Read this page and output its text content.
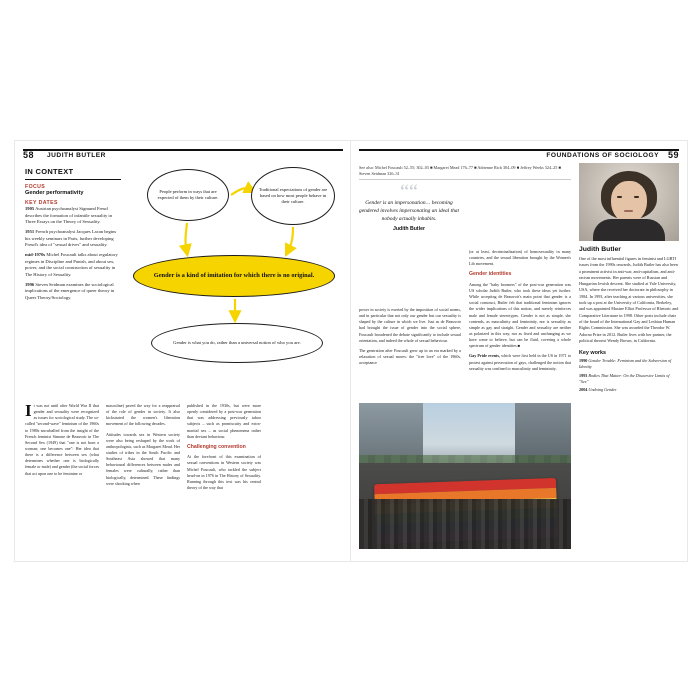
58 JUDITH BUTLER
IN CONTEXT
FOCUS
Gender performativity
KEY DATES
1905 Austrian psychoanalyst Sigmund Freud describes the formation of infantile sexuality in Three Essays on the Theory of Sexuality.
1951 French psychoanalyst Jacques Lacan begins his weekly seminars in Paris, further developing Freud's idea of "sexual drives" and sexuality.
mid-1970s Michel Foucault talks about regulatory regimes in Discipline and Punish, and about sex, power, and the social construction of sexuality in The History of Sexuality.
1996 Steven Seidman examines the sociological implications of the emergence of queer theory in Queer Theory/Sociology.
People perform in ways that are expected of them by their culture.
Traditional expectations of gender are based on how most people behave in their culture.
Gender is a kind of imitation for which there is no original.
Gender is what you do, rather than a universal notion of who you are.

It was not until after World War II that gender and sexuality were recognized as issues for sociological study. The so-called "second-wave" feminism of the 1960s to 1980s snowballed from the insight of the French feminist Simone de Beauvoir in The Second Sex (1949) that "one is not born a woman; one becomes one": Her idea that there is a difference between sex (what determines whether one is biologically female or male) and gender (the social forces that act upon one to be feminine or

masculine) paved the way for a reappraisal of the role of gender in society. It also kickstarted the women's liberation movement of the following decades.

Attitudes towards sex in Western society were also being reshaped by the work of anthropologists, such as Margaret Mead. Her studies of tribes in the South Pacific and Southeast Asia showed that many behavioural differences between males and females were culturally, rather than biologically, determined. These findings were shocking when

published in the 1930s, but were more openly considered by a post-war generation that was addressing previously taboo subjects – such as promiscuity and extra-marital sex – as social phenomena rather than deviant behaviour.

Challenging convention

At the forefront of this examination of sexual conventions in Western society was Michel Foucault, who tackled the subject head-on in 1976 in The History of Sexuality. Running through this text was his central theory of the way that

FOUNDATIONS OF SOCIOLOGY 59
See also: Michel Foucault 52–55; 302–03 ■ Margaret Mead 176–77 ■ Adrienne Rich 304–09 ■ Jeffrey Weeks 324–25 ■ Steven Seidman 326–31
““
Gender is an impersonation… becoming gendered involves impersonating an ideal that nobody actually inhabits.
Judith Butler

power in society is exerted by the imposition of social norms, and in particular that not only our gender but our sexuality is shaped by the culture in which we live. Just as de Beauvoir had brought the issue of gender into the social sphere, Foucault broadened the debate significantly to include sexual orientation, and indeed the whole of sexual behaviour.

The generation after Foucault grew up in an era marked by a relaxation of sexual mores: the "free love" of the 1960s, acceptance

(or at least, decriminalization) of homosexuality in many countries, and the sexual liberation brought by the Women's Lib movement.

Gender identities

Among the "baby boomers" of the post-war generation was US scholar Judith Butler, who took these ideas yet further. While accepting de Beauvoir's main point that gender is a social construct, Butler felt that traditional feminism ignores the wider implications of this notion, and merely reinforces male and female stereotypes. Gender is not as simple, she contends, as masculinity and femininity, nor is sexuality as simple as gay and straight. Gender and sexuality are neither as polarized in this way, nor as fixed and unchanging as we have come to believe, but can be fluid, covering a whole spectrum of gender identities ■

Gay Pride events, which were first held in the US in 1971 to protest against persecution of gays, challenged the notion that sexuality was confined to masculinity and femininity.

Judith Butler
One of the most influential figures in feminist and LGBTI issues from the 1990s onwards, Judith Butler has also been a prominent activist in anti-war, anti-capitalism, and anti-racism movements. Her parents were of Russian and Hungarian Jewish descent. She studied at Yale University, USA, where she received her doctorate in philosophy in 1984. In 1993, after teaching at various universities, she took up a post at the University of California, Berkeley, and was appointed Maxine Elliot Professor of Rhetoric and Comparative Literature in 1998. Other posts include chair of the board of the International Gay and Lesbian Human Rights Commission. She was awarded the Theodor W. Adorno Prize in 2012. Butler lives with her partner, the political theorist Wendy Brown, in California.
Key works
1990 Gender Trouble: Feminism and the Subversion of Identity
1993 Bodies That Matter: On the Discursive Limits of "Sex"
2004 Undoing Gender
